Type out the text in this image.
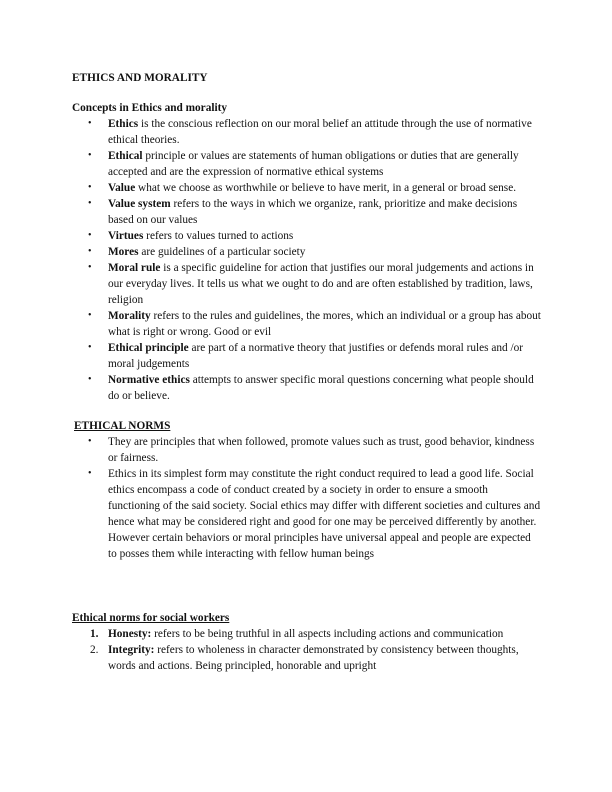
ETHICS AND MORALITY
Concepts in Ethics and morality
• Ethics is the conscious reflection on our moral belief an attitude through the use of normative ethical theories.
• Ethical principle or values are statements of human obligations or duties that are generally accepted and are the expression of normative ethical systems
• Value what we choose as worthwhile or believe to have merit, in a general or broad sense.
• Value system refers to the ways in which we organize, rank, prioritize and make decisions based on our values
• Virtues refers to values turned to actions
• Mores are guidelines of a particular society
• Moral rule is a specific guideline for action that justifies our moral judgements and actions in our everyday lives. It tells us what we ought to do and are often established by tradition, laws, religion
• Morality refers to the rules and guidelines, the mores, which an individual or a group has about what is right or wrong. Good or evil
• Ethical principle are part of a normative theory that justifies or defends moral rules and /or moral judgements
• Normative ethics attempts to answer specific moral questions concerning what people should do or believe.
ETHICAL NORMS
• They are principles that when followed, promote values such as trust, good behavior, kindness or fairness.
• Ethics in its simplest form may constitute the right conduct required to lead a good life. Social ethics encompass a code of conduct created by a society in order to ensure a smooth functioning of the said society. Social ethics may differ with different societies and cultures and hence what may be considered right and good for one may be perceived differently by another. However certain behaviors or moral principles have universal appeal and people are expected to posses them while interacting with fellow human beings
Ethical norms for social workers
1. Honesty: refers to be being truthful in all aspects including actions and communication
2. Integrity: refers to wholeness in character demonstrated by consistency between thoughts, words and actions. Being principled, honorable and upright
